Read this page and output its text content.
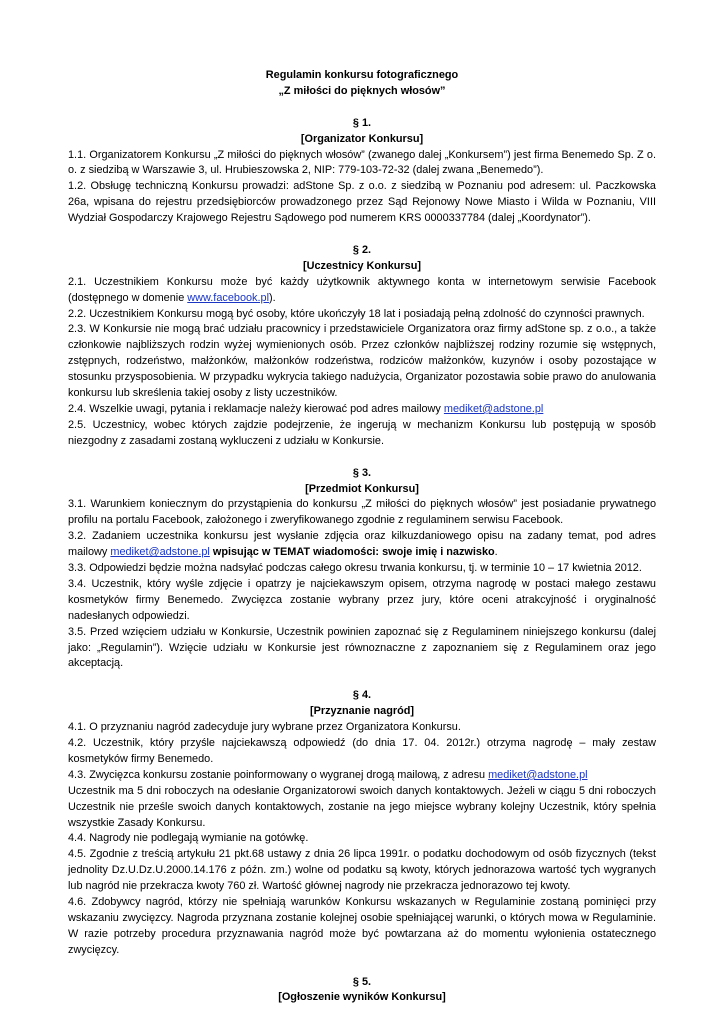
Regulamin konkursu fotograficznego
„Z miłości do pięknych włosów”
§ 1.
[Organizator Konkursu]

1.1. Organizatorem Konkursu „Z miłości do pięknych włosów” (zwanego dalej „Konkursem”) jest firma Benemedo Sp. Z o. o. z siedzibą w Warszawie 3, ul. Hrubieszowska 2, NIP: 779-103-72-32 (dalej zwana „Benemedo”).

1.2. Obsługę techniczną Konkursu prowadzi: adStone Sp. z o.o. z siedzibą w Poznaniu pod adresem: ul. Paczkowska 26a, wpisana do rejestru przedsiębiorców prowadzonego przez Sąd Rejonowy Nowe Miasto i Wilda w Poznaniu, VIII Wydział Gospodarczy Krajowego Rejestru Sądowego pod numerem KRS 0000337784 (dalej „Koordynator”).

§ 2.
[Uczestnicy Konkursu]

2.1. Uczestnikiem Konkursu może być każdy użytkownik aktywnego konta w internetowym serwisie Facebook (dostępnego w domenie www.facebook.pl).

2.2. Uczestnikiem Konkursu mogą być osoby, które ukończyły 18 lat i posiadają pełną zdolność do czynności prawnych.

2.3. W Konkursie nie mogą brać udziału pracownicy i przedstawiciele Organizatora oraz firmy adStone sp. z o.o., a także członkowie najbliższych rodzin wyżej wymienionych osób. Przez członków najbliższej rodziny rozumie się wstępnych, zstępnych, rodzeństwo, małżonków, małżonków rodzeństwa, rodziców małżonków, kuzynów i osoby pozostające w stosunku przysposobienia. W przypadku wykrycia takiego nadużycia, Organizator pozostawia sobie prawo do anulowania konkursu lub skreślenia takiej osoby z listy uczestników.

2.4. Wszelkie uwagi, pytania i reklamacje należy kierować pod adres mailowy mediket@adstone.pl

2.5. Uczestnicy, wobec których zajdzie podejrzenie, że ingerują w mechanizm Konkursu lub postępują w sposób niezgodny z zasadami zostaną wykluczeni z udziału w Konkursie.

§ 3.
[Przedmiot Konkursu]

3.1. Warunkiem koniecznym do przystąpienia do konkursu „Z miłości do pięknych włosów” jest posiadanie prywatnego profilu na portalu Facebook, założonego i zweryfikowanego zgodnie z regulaminem serwisu Facebook.

3.2. Zadaniem uczestnika konkursu jest wysłanie zdjęcia oraz kilkuzdaniowego opisu na zadany temat, pod adres mailowy mediket@adstone.pl wpisując w TEMAT wiadomości: swoje imię i nazwisko.

3.3. Odpowiedzi będzie można nadsyłać podczas całego okresu trwania konkursu, tj. w terminie 10 – 17 kwietnia 2012.

3.4. Uczestnik, który wyśle zdjęcie i opatrzy je najciekawszym opisem, otrzyma nagrodę w postaci małego zestawu kosmetyków firmy Benemedo. Zwycięzca zostanie wybrany przez jury, które oceni atrakcyjność i oryginalność nadesłanych odpowiedzi.

3.5. Przed wzięciem udziału w Konkursie, Uczestnik powinien zapoznać się z Regulaminem niniejszego konkursu (dalej jako: „Regulamin”). Wzięcie udziału w Konkursie jest równoznaczne z zapoznaniem się z Regulaminem oraz jego akceptacją.

§ 4.
[Przyznanie nagród]

4.1. O przyznaniu nagród zadecyduje jury wybrane przez Organizatora Konkursu.

4.2. Uczestnik, który przyśle najciekawszą odpowiedź (do dnia 17. 04. 2012r.) otrzyma nagrodę – mały zestaw kosmetyków firmy Benemedo.

4.3. Zwycięzca konkursu zostanie poinformowany o wygranej drogą mailową, z adresu mediket@adstone.pl

Uczestnik ma 5 dni roboczych na odesłanie Organizatorowi swoich danych kontaktowych. Jeżeli w ciągu 5 dni roboczych Uczestnik nie prześle swoich danych kontaktowych, zostanie na jego miejsce wybrany kolejny Uczestnik, który spełnia wszystkie Zasady Konkursu.

4.4. Nagrody nie podlegają wymianie na gotówkę.

4.5. Zgodnie z treścią artykułu 21 pkt.68 ustawy z dnia 26 lipca 1991r. o podatku dochodowym od osób fizycznych (tekst jednolity Dz.U.Dz.U.2000.14.176 z późn. zm.) wolne od podatku są kwoty, których jednorazowa wartość tych wygranych lub nagród nie przekracza kwoty 760 zł. Wartość głównej nagrody nie przekracza jednorazowo tej kwoty.

4.6. Zdobywcy nagród, którzy nie spełniają warunków Konkursu wskazanych w Regulaminie zostaną pominięci przy wskazaniu zwycięzcy. Nagroda przyznana zostanie kolejnej osobie spełniającej warunki, o których mowa w Regulaminie. W razie potrzeby procedura przyznawania nagród może być powtarzana aż do momentu wyłonienia ostatecznego zwycięzcy.

§ 5.
[Ogłoszenie wyników Konkursu]
